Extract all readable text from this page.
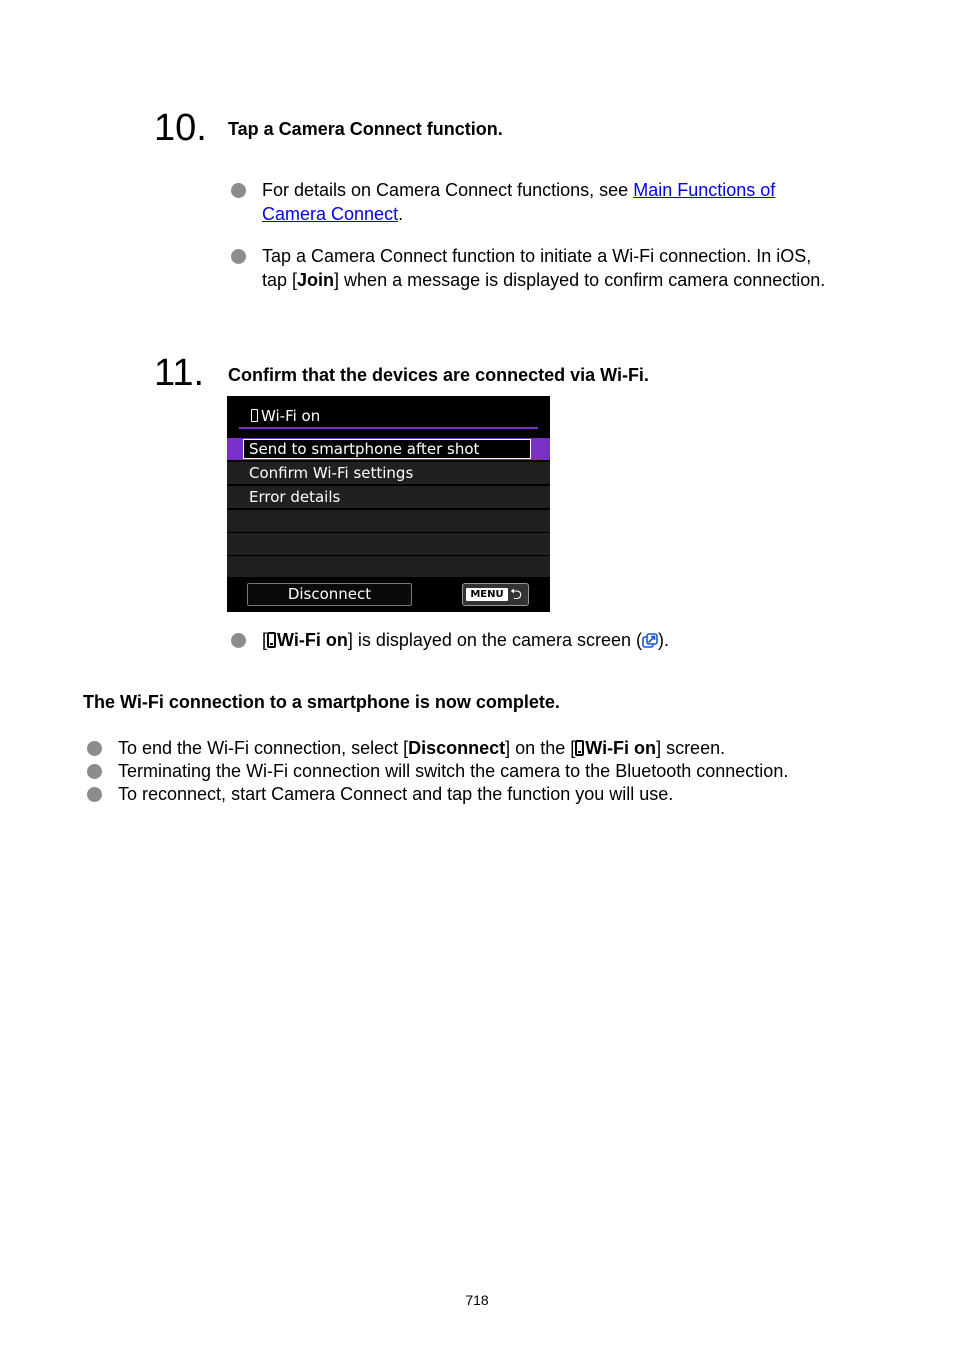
10. Tap a Camera Connect function.
For details on Camera Connect functions, see Main Functions of
Camera Connect.
Tap a Camera Connect function to initiate a Wi-Fi connection. In iOS,
tap [Join] when a message is displayed to confirm camera connection.
11. Confirm that the devices are connected via Wi-Fi.
Wi-Fi on
Send to smartphone after shot
Confirm Wi-Fi settings
Error details
Disconnect	MENU ⮌
[ Wi-Fi on] is displayed on the camera screen ( ).
The Wi-Fi connection to a smartphone is now complete.
To end the Wi-Fi connection, select [Disconnect] on the [ Wi-Fi on] screen.
Terminating the Wi-Fi connection will switch the camera to the Bluetooth connection.
To reconnect, start Camera Connect and tap the function you will use.
718
